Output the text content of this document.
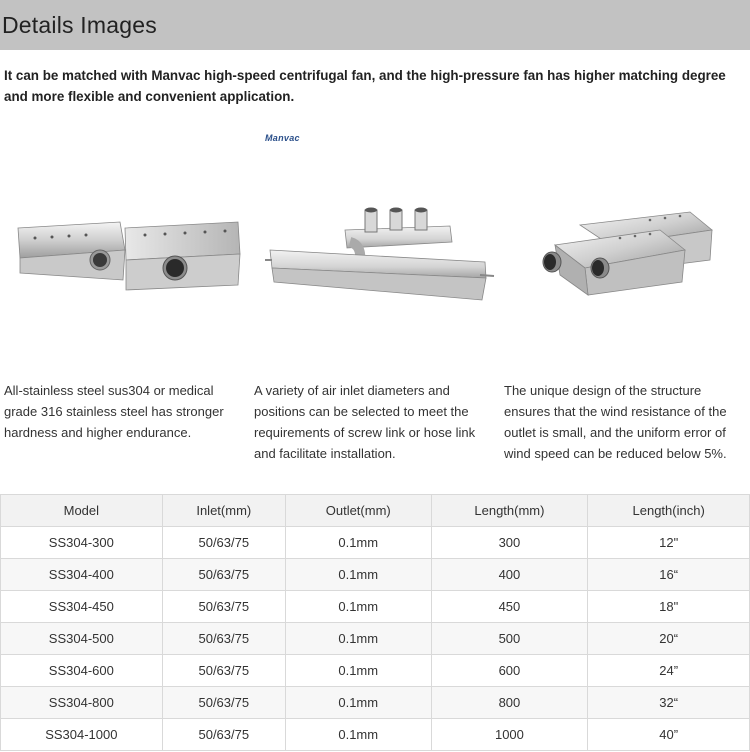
Details Images
It can be matched with Manvac high-speed centrifugal fan, and the high-pressure fan has higher matching degree and more flexible and convenient application.
Manvac
All-stainless steel sus304 or medical grade 316 stainless steel has stronger hardness and higher endurance.
A variety of air inlet diameters and positions can be selected to meet the requirements of screw link or hose link and facilitate installation.
The unique design of the structure ensures that the wind resistance of the outlet is small, and the uniform error of wind speed can be reduced below 5%.
Model	Inlet(mm)	Outlet(mm)	Length(mm)	Length(inch)
SS304-300	50/63/75	0.1mm	300	12"
SS304-400	50/63/75	0.1mm	400	16“
SS304-450	50/63/75	0.1mm	450	18"
SS304-500	50/63/75	0.1mm	500	20“
SS304-600	50/63/75	0.1mm	600	24”
SS304-800	50/63/75	0.1mm	800	32“
SS304-1000	50/63/75	0.1mm	1000	40”
